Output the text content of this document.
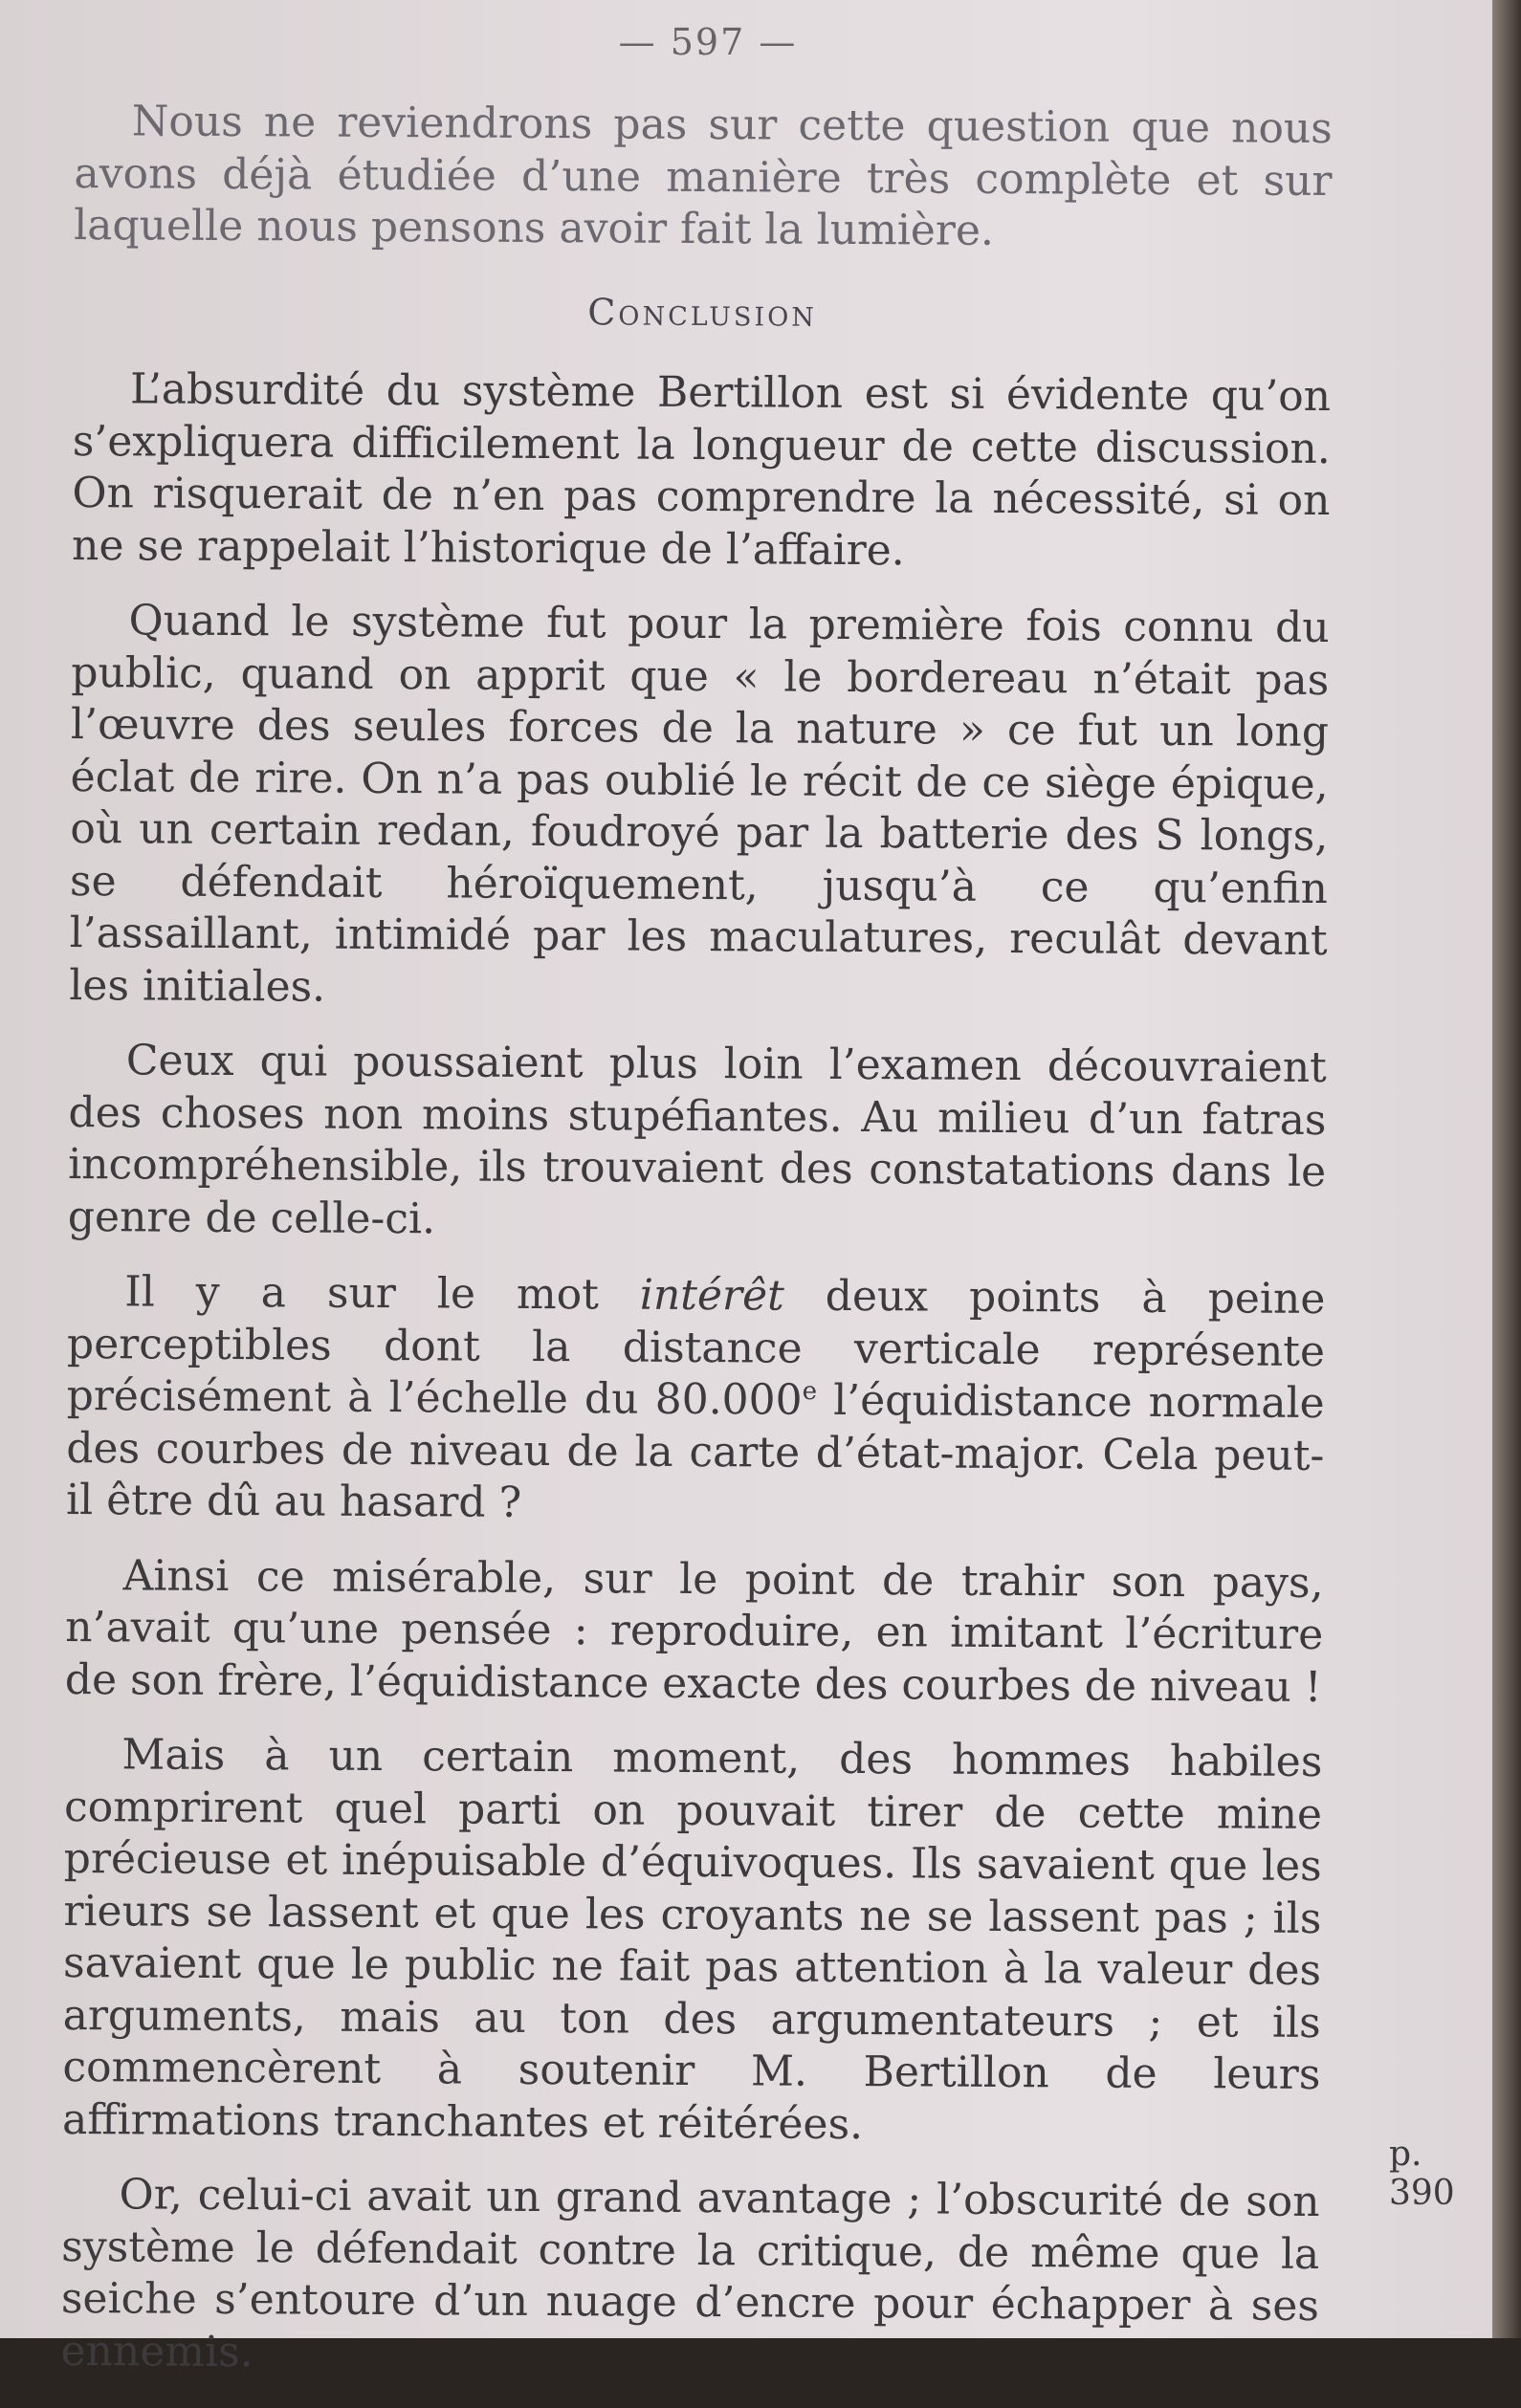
— 597 —

Nous ne reviendrons pas sur cette question que nous avons déjà étudiée d’une manière très complète et sur laquelle nous pensons avoir fait la lumière.

Conclusion

L’absurdité du système Bertillon est si évidente qu’on s’expliquera difficilement la longueur de cette discussion. On risquerait de n’en pas comprendre la nécessité, si on ne se rappelait l’historique de l’affaire.

Quand le système fut pour la première fois connu du public, quand on apprit que « le bordereau n’était pas l’œuvre des seules forces de la nature » ce fut un long éclat de rire. On n’a pas oublié le récit de ce siège épique, où un certain redan, foudroyé par la batterie des S longs, se défendait héroïquement, jusqu’à ce qu’enfin l’assaillant, intimidé par les maculatures, reculât devant les initiales.

Ceux qui poussaient plus loin l’examen découvraient des choses non moins stupéfiantes. Au milieu d’un fatras incompréhensible, ils trouvaient des constatations dans le genre de celle-ci.

Il y a sur le mot intérêt deux points à peine perceptibles dont la distance verticale représente précisément à l’échelle du 80.000e l’équidistance normale des courbes de niveau de la carte d’état-major. Cela peut-il être dû au hasard ?

Ainsi ce misérable, sur le point de trahir son pays, n’avait qu’une pensée : reproduire, en imitant l’écriture de son frère, l’équidistance exacte des courbes de niveau !

Mais à un certain moment, des hommes habiles comprirent quel parti on pouvait tirer de cette mine précieuse et inépuisable d’équivoques. Ils savaient que les rieurs se lassent et que les croyants ne se lassent pas ; ils savaient que le public ne fait pas attention à la valeur des arguments, mais au ton des argumentateurs ; et ils commencèrent à soutenir M. Bertillon de leurs affirmations tranchantes et réitérées.

Or, celui-ci avait un grand avantage ; l’obscurité de son système le défendait contre la critique, de même que la seiche s’entoure d’un nuage d’encre pour échapper à ses ennemis.

p. 390
